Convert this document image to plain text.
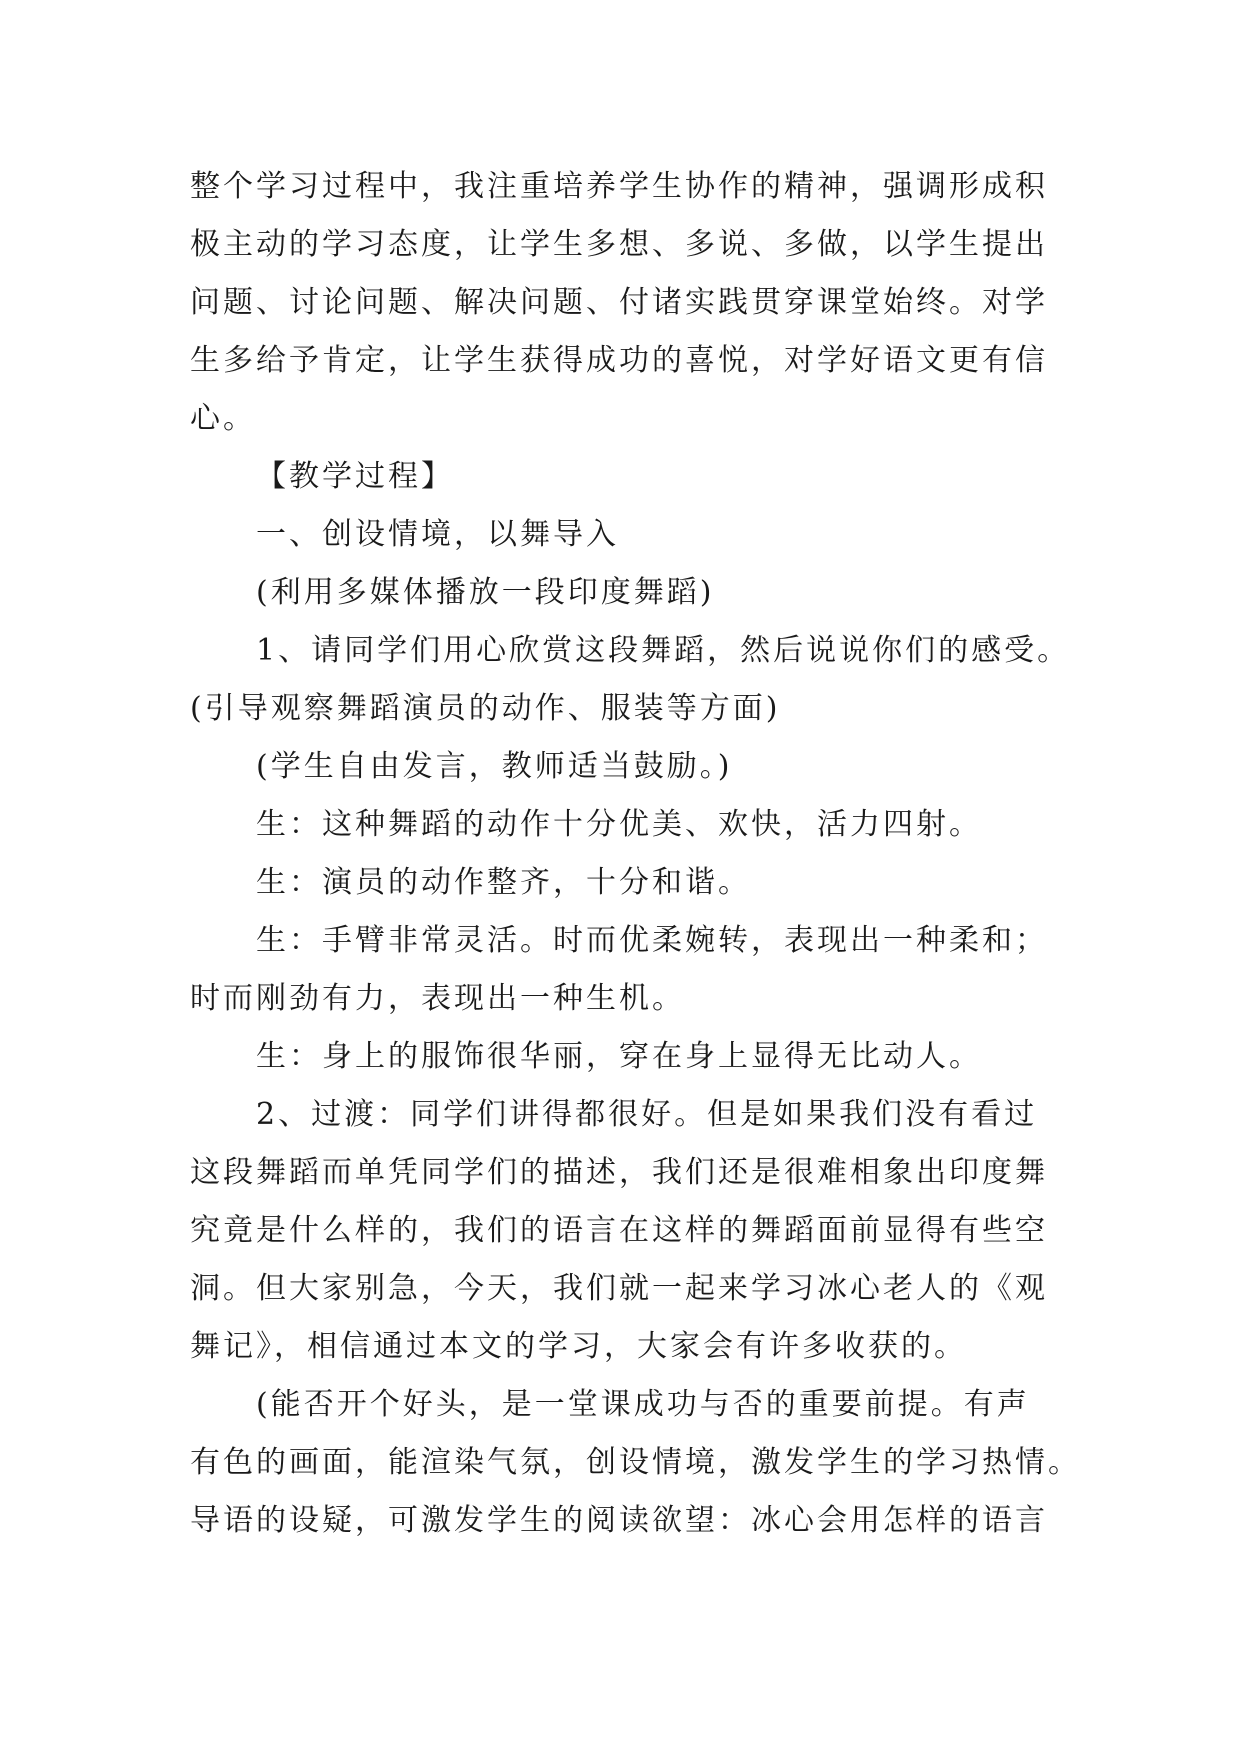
整个学习过程中，我注重培养学生协作的精神，强调形成积
极主动的学习态度，让学生多想、多说、多做，以学生提出
问题、讨论问题、解决问题、付诸实践贯穿课堂始终。对学
生多给予肯定，让学生获得成功的喜悦，对学好语文更有信
心。
【教学过程】
一、创设情境，以舞导入
(利用多媒体播放一段印度舞蹈)
1、请同学们用心欣赏这段舞蹈，然后说说你们的感受。
(引导观察舞蹈演员的动作、服装等方面)
(学生自由发言，教师适当鼓励。)
生：这种舞蹈的动作十分优美、欢快，活力四射。
生：演员的动作整齐，十分和谐。
生：手臂非常灵活。时而优柔婉转，表现出一种柔和；
时而刚劲有力，表现出一种生机。
生：身上的服饰很华丽，穿在身上显得无比动人。
2、过渡：同学们讲得都很好。但是如果我们没有看过
这段舞蹈而单凭同学们的描述，我们还是很难相象出印度舞
究竟是什么样的，我们的语言在这样的舞蹈面前显得有些空
洞。但大家别急，今天，我们就一起来学习冰心老人的《观
舞记》，相信通过本文的学习，大家会有许多收获的。
(能否开个好头，是一堂课成功与否的重要前提。有声
有色的画面，能渲染气氛，创设情境，激发学生的学习热情。
导语的设疑，可激发学生的阅读欲望：冰心会用怎样的语言
